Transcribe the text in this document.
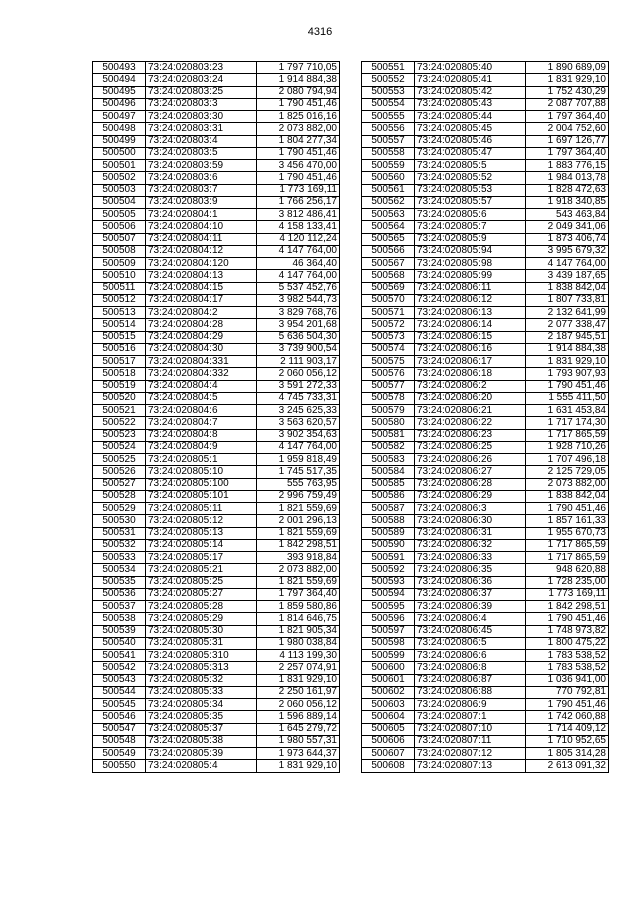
4316
500493	73:24:020803:23	1 797 710,05
500494	73:24:020803:24	1 914 884,38
500495	73:24:020803:25	2 080 794,94
500496	73:24:020803:3	1 790 451,46
500497	73:24:020803:30	1 825 016,16
500498	73:24:020803:31	2 073 882,00
500499	73:24:020803:4	1 804 277,34
500500	73:24:020803:5	1 790 451,46
500501	73:24:020803:59	3 456 470,00
500502	73:24:020803:6	1 790 451,46
500503	73:24:020803:7	1 773 169,11
500504	73:24:020803:9	1 766 256,17
500505	73:24:020804:1	3 812 486,41
500506	73:24:020804:10	4 158 133,41
500507	73:24:020804:11	4 120 112,24
500508	73:24:020804:12	4 147 764,00
500509	73:24:020804:120	46 364,40
500510	73:24:020804:13	4 147 764,00
500511	73:24:020804:15	5 537 452,76
500512	73:24:020804:17	3 982 544,73
500513	73:24:020804:2	3 829 768,76
500514	73:24:020804:28	3 954 201,68
500515	73:24:020804:29	5 636 504,30
500516	73:24:020804:30	3 739 900,54
500517	73:24:020804:331	2 111 903,17
500518	73:24:020804:332	2 060 056,12
500519	73:24:020804:4	3 591 272,33
500520	73:24:020804:5	4 745 733,31
500521	73:24:020804:6	3 245 625,33
500522	73:24:020804:7	3 563 620,57
500523	73:24:020804:8	3 902 354,63
500524	73:24:020804:9	4 147 764,00
500525	73:24:020805:1	1 959 818,49
500526	73:24:020805:10	1 745 517,35
500527	73:24:020805:100	555 763,95
500528	73:24:020805:101	2 996 759,49
500529	73:24:020805:11	1 821 559,69
500530	73:24:020805:12	2 001 296,13
500531	73:24:020805:13	1 821 559,69
500532	73:24:020805:14	1 842 298,51
500533	73:24:020805:17	393 918,84
500534	73:24:020805:21	2 073 882,00
500535	73:24:020805:25	1 821 559,69
500536	73:24:020805:27	1 797 364,40
500537	73:24:020805:28	1 859 580,86
500538	73:24:020805:29	1 814 646,75
500539	73:24:020805:30	1 821 905,34
500540	73:24:020805:31	1 980 038,84
500541	73:24:020805:310	4 113 199,30
500542	73:24:020805:313	2 257 074,91
500543	73:24:020805:32	1 831 929,10
500544	73:24:020805:33	2 250 161,97
500545	73:24:020805:34	2 060 056,12
500546	73:24:020805:35	1 596 889,14
500547	73:24:020805:37	1 645 279,72
500548	73:24:020805:38	1 980 557,31
500549	73:24:020805:39	1 973 644,37
500550	73:24:020805:4	1 831 929,10
500551	73:24:020805:40	1 890 689,09
500552	73:24:020805:41	1 831 929,10
500553	73:24:020805:42	1 752 430,29
500554	73:24:020805:43	2 087 707,88
500555	73:24:020805:44	1 797 364,40
500556	73:24:020805:45	2 004 752,60
500557	73:24:020805:46	1 697 126,77
500558	73:24:020805:47	1 797 364,40
500559	73:24:020805:5	1 883 776,15
500560	73:24:020805:52	1 984 013,78
500561	73:24:020805:53	1 828 472,63
500562	73:24:020805:57	1 918 340,85
500563	73:24:020805:6	543 463,84
500564	73:24:020805:7	2 049 341,06
500565	73:24:020805:9	1 873 406,74
500566	73:24:020805:94	3 995 679,32
500567	73:24:020805:98	4 147 764,00
500568	73:24:020805:99	3 439 187,65
500569	73:24:020806:11	1 838 842,04
500570	73:24:020806:12	1 807 733,81
500571	73:24:020806:13	2 132 641,99
500572	73:24:020806:14	2 077 338,47
500573	73:24:020806:15	2 187 945,51
500574	73:24:020806:16	1 914 884,38
500575	73:24:020806:17	1 831 929,10
500576	73:24:020806:18	1 793 907,93
500577	73:24:020806:2	1 790 451,46
500578	73:24:020806:20	1 555 411,50
500579	73:24:020806:21	1 631 453,84
500580	73:24:020806:22	1 717 174,30
500581	73:24:020806:23	1 717 865,59
500582	73:24:020806:25	1 928 710,26
500583	73:24:020806:26	1 707 496,18
500584	73:24:020806:27	2 125 729,05
500585	73:24:020806:28	2 073 882,00
500586	73:24:020806:29	1 838 842,04
500587	73:24:020806:3	1 790 451,46
500588	73:24:020806:30	1 857 161,33
500589	73:24:020806:31	1 955 670,73
500590	73:24:020806:32	1 717 865,59
500591	73:24:020806:33	1 717 865,59
500592	73:24:020806:35	948 620,88
500593	73:24:020806:36	1 728 235,00
500594	73:24:020806:37	1 773 169,11
500595	73:24:020806:39	1 842 298,51
500596	73:24:020806:4	1 790 451,46
500597	73:24:020806:45	1 748 973,82
500598	73:24:020806:5	1 800 475,22
500599	73:24:020806:6	1 783 538,52
500600	73:24:020806:8	1 783 538,52
500601	73:24:020806:87	1 036 941,00
500602	73:24:020806:88	770 792,81
500603	73:24:020806:9	1 790 451,46
500604	73:24:020807:1	1 742 060,88
500605	73:24:020807:10	1 714 409,12
500606	73:24:020807:11	1 710 952,65
500607	73:24:020807:12	1 805 314,28
500608	73:24:020807:13	2 613 091,32
